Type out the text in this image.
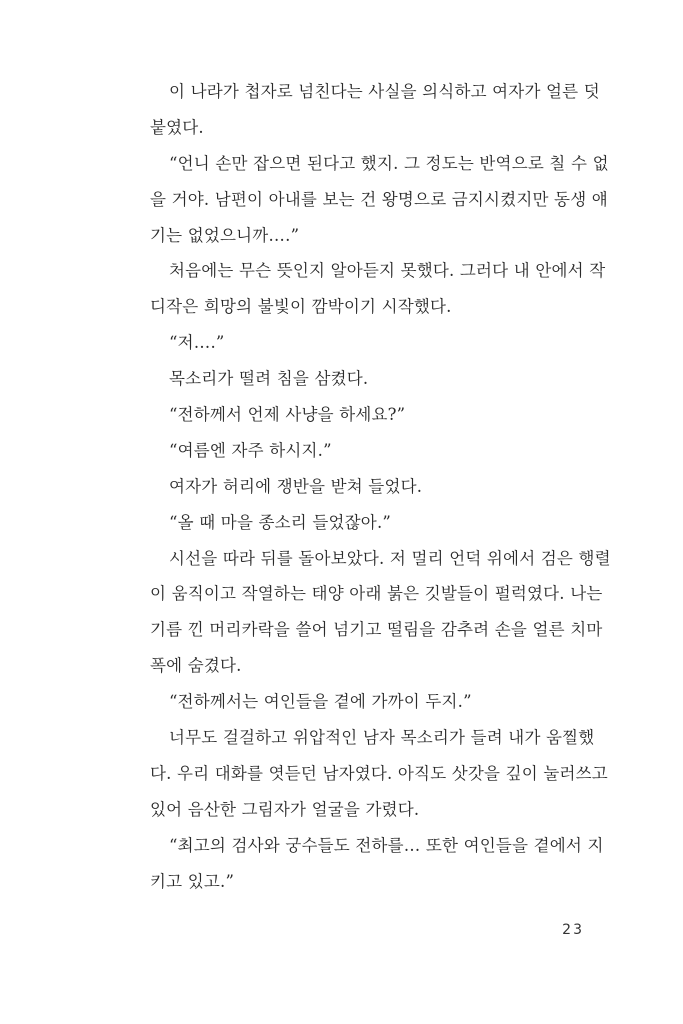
이 나라가 첩자로 넘친다는 사실을 의식하고 여자가 얼른 덧
붙였다.
“언니 손만 잡으면 된다고 했지. 그 정도는 반역으로 칠 수 없
을 거야. 남편이 아내를 보는 건 왕명으로 금지시켰지만 동생 얘
기는 없었으니까….”
처음에는 무슨 뜻인지 알아듣지 못했다. 그러다 내 안에서 작
디작은 희망의 불빛이 깜박이기 시작했다.
“저….”
목소리가 떨려 침을 삼켰다.
“전하께서 언제 사냥을 하세요?”
“여름엔 자주 하시지.”
여자가 허리에 쟁반을 받쳐 들었다.
“올 때 마을 종소리 들었잖아.”
시선을 따라 뒤를 돌아보았다. 저 멀리 언덕 위에서 검은 행렬
이 움직이고 작열하는 태양 아래 붉은 깃발들이 펄럭였다. 나는
기름 낀 머리카락을 쓸어 넘기고 떨림을 감추려 손을 얼른 치마
폭에 숨겼다.
“전하께서는 여인들을 곁에 가까이 두지.”
너무도 걸걸하고 위압적인 남자 목소리가 들려 내가 움찔했
다. 우리 대화를 엿듣던 남자였다. 아직도 삿갓을 깊이 눌러쓰고
있어 음산한 그림자가 얼굴을 가렸다.
“최고의 검사와 궁수들도 전하를… 또한 여인들을 곁에서 지
키고 있고.”
23
